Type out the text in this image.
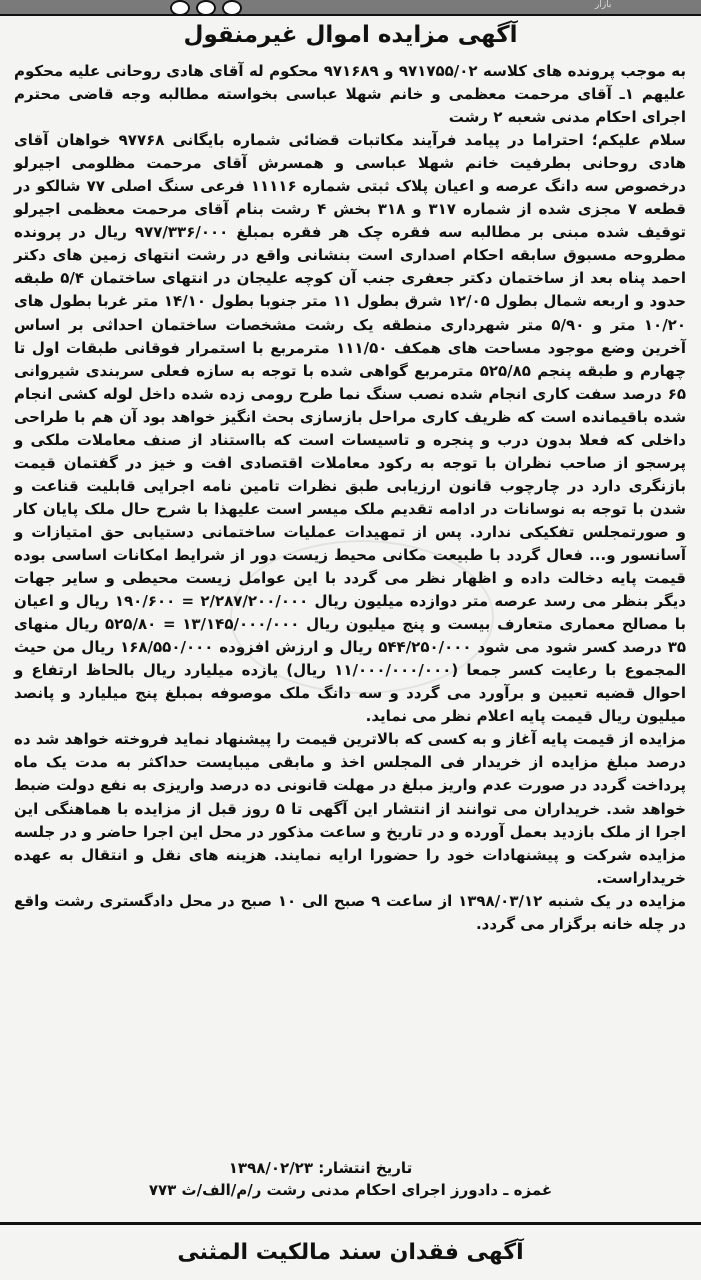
بازار
آگهی مزایده اموال غیرمنقول

به موجب پرونده های کلاسه ۹۷۱۷۵۵/۰۲ و ۹۷۱۶۸۹ محکوم له آقای هادی روحانی علیه محکوم علیهم ۱ـ آقای مرحمت معظمی و خانم شهلا عباسی بخواسته مطالبه وجه قاضی محترم اجرای احکام مدنی شعبه ۲ رشت

سلام علیکم؛ احتراما در پیامد فرآیند مکاتبات قضائی شماره بایگانی ۹۷۷۶۸ خواهان آقای هادی روحانی بطرفیت خانم شهلا عباسی و همسرش آقای مرحمت مظلومی اجیرلو درخصوص سه دانگ عرصه و اعیان پلاک ثبتی شماره ۱۱۱۱۶ فرعی سنگ اصلی ۷۷ شالکو در قطعه ۷ مجزی شده از شماره ۳۱۷ و ۳۱۸ بخش ۴ رشت بنام آقای مرحمت معظمی اجیرلو توقیف شده مبنی بر مطالبه سه فقره چک هر فقره بمبلغ ۹۷۷/۳۳۶/۰۰۰ ریال در پرونده مطروحه مسبوق سابقه احکام اصداری است بنشانی واقع در رشت انتهای زمین های دکتر احمد پناه بعد از ساختمان دکتر جعفری جنب آن کوچه علیجان در انتهای ساختمان ۵/۴ طبقه حدود و اربعه شمال بطول ۱۲/۰۵ شرق بطول ۱۱ متر جنوبا بطول ۱۴/۱۰ متر غربا بطول های ۱۰/۲۰ متر و ۵/۹۰ متر شهرداری منطقه یک رشت مشخصات ساختمان احداثی بر اساس آخرین وضع موجود مساحت های همکف ۱۱۱/۵۰ مترمربع با استمرار فوقانی طبقات اول تا چهارم و طبقه پنجم ۵۲۵/۸۵ مترمربع گواهی شده با توجه به سازه فعلی سربندی شیروانی ۶۵ درصد سفت کاری انجام شده نصب سنگ نما طرح رومی زده شده داخل لوله کشی انجام شده باقیمانده است که ظریف کاری مراحل بازسازی بحث انگیز خواهد بود آن هم با طراحی داخلی که فعلا بدون درب و پنجره و تاسیسات است که بااستناد از صنف معاملات ملکی و پرسجو از صاحب نظران با توجه به رکود معاملات اقتصادی افت و خیز در گفتمان قیمت بازنگری دارد در چارچوب قانون ارزیابی طبق نظرات تامین نامه اجرایی قابلیت قناعت و شدن با توجه به نوسانات در ادامه تقدیم ملک میسر است علیهذا با شرح حال ملک پایان کار و صورتمجلس تفکیکی ندارد. پس از تمهیدات عملیات ساختمانی دستیابی حق امتیازات و آسانسور و... فعال گردد با طبیعت مکانی محیط زیست دور از شرایط امکانات اساسی بوده قیمت پایه دخالت داده و اظهار نظر می گردد با این عوامل زیست محیطی و سایر جهات دیگر بنظر می رسد عرصه متر دوازده میلیون ریال ۲/۲۸۷/۲۰۰/۰۰۰ = ۱۹۰/۶۰۰ ریال و اعیان با مصالح معماری متعارف بیست و پنج میلیون ریال ۱۳/۱۴۵/۰۰۰/۰۰۰ = ۵۲۵/۸۰ ریال منهای ۳۵ درصد کسر شود می شود ۵۴۴/۲۵۰/۰۰۰ ریال و ارزش افزوده ۱۶۸/۵۵۰/۰۰۰ ریال من حیث المجموع با رعایت کسر جمعا (۱۱/۰۰۰/۰۰۰/۰۰۰ ریال) یازده میلیارد ریال بالحاظ ارتفاع و احوال قضیه تعیین و برآورد می گردد و سه دانگ ملک موصوفه بمبلغ پنج میلیارد و پانصد میلیون ریال قیمت پایه اعلام نظر می نماید.

مزایده از قیمت پایه آغاز و به کسی که بالاترین قیمت را پیشنهاد نماید فروخته خواهد شد ده درصد مبلغ مزایده از خریدار فی المجلس اخذ و مابقی میبایست حداکثر به مدت یک ماه پرداخت گردد در صورت عدم واریز مبلغ در مهلت قانونی ده درصد واریزی به نفع دولت ضبط خواهد شد. خریداران می توانند از انتشار این آگهی تا ۵ روز قبل از مزایده با هماهنگی این اجرا از ملک بازدید بعمل آورده و در تاریخ و ساعت مذکور در محل این اجرا حاضر و در جلسه مزایده شرکت و پیشنهادات خود را حضورا ارایه نمایند. هزینه های نقل و انتقال به عهده خریداراست.

مزایده در یک شنبه ۱۳۹۸/۰۳/۱۲ از ساعت ۹ صبح الی ۱۰ صبح در محل دادگستری رشت واقع در چله خانه برگزار می گردد.

تاریخ انتشار: ۱۳۹۸/۰۲/۲۳
غمزه ـ دادورز اجرای احکام مدنی رشت ر/م/الف/ث ۷۷۳
آگهی فقدان سند مالکیت المثنی
